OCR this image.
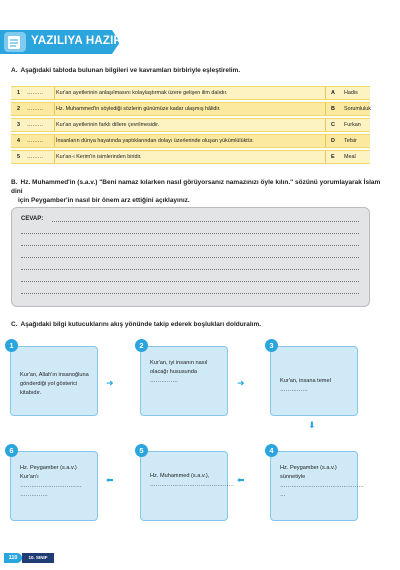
YAZILIYA HAZIRLIK
A. Aşağıdaki tabloda bulunan bilgileri ve kavramları birbiriyle eşleştirelim.
1 ……… Kur'an ayetlerinin anlaşılmasını kolaylaştırmak üzere gelişen ilim dalıdır.	A Hadis
2 ……… Hz. Muhammed'in söylediği sözlerin günümüze kadar ulaşmış hâlidir.	B Sorumluluk
3 ……… Kur'an ayetlerinin farklı dillere çevrilmesidir.	C Furkan
4 ……… İnsanların dünya hayatında yaptıklarından dolayı üzerlerinde oluşan yükümlülüktür.	D Tefsir
5 ……… Kur'an-ı Kerim'in isimlerinden biridir.	E Meal
B. Hz. Muhammed'in (s.a.v.) "Beni namaz kılarken nasıl görüyorsanız namazınızı öyle kılın." sözünü yorumlayarak İslam dini
için Peygamber'in nasıl bir önem arz ettiğini açıklayınız.
CEVAP:
C. Aşağıdaki bilgi kutucuklarını akış yönünde takip ederek boşlukları dolduralım.
Kur'an, Allah'ın insanoğluna
gönderdiği yol gösterici
kitabıdır.
1
Kur'an, iyi insanın nasıl
olacağı hususunda ……………
2
Kur'an, insana temel ……………
3
Hz. Peygamber (s.a.v.)
Kur'an'ı ……………………………
……………
6
Hz. Muhammed (s.a.v.),
………………………………………
5
Hz. Peygamber (s.a.v.)
sünnetiyle
………………………………………
…
4
➜	➜
⬇
⬅
⬅
110	10. SINIF
